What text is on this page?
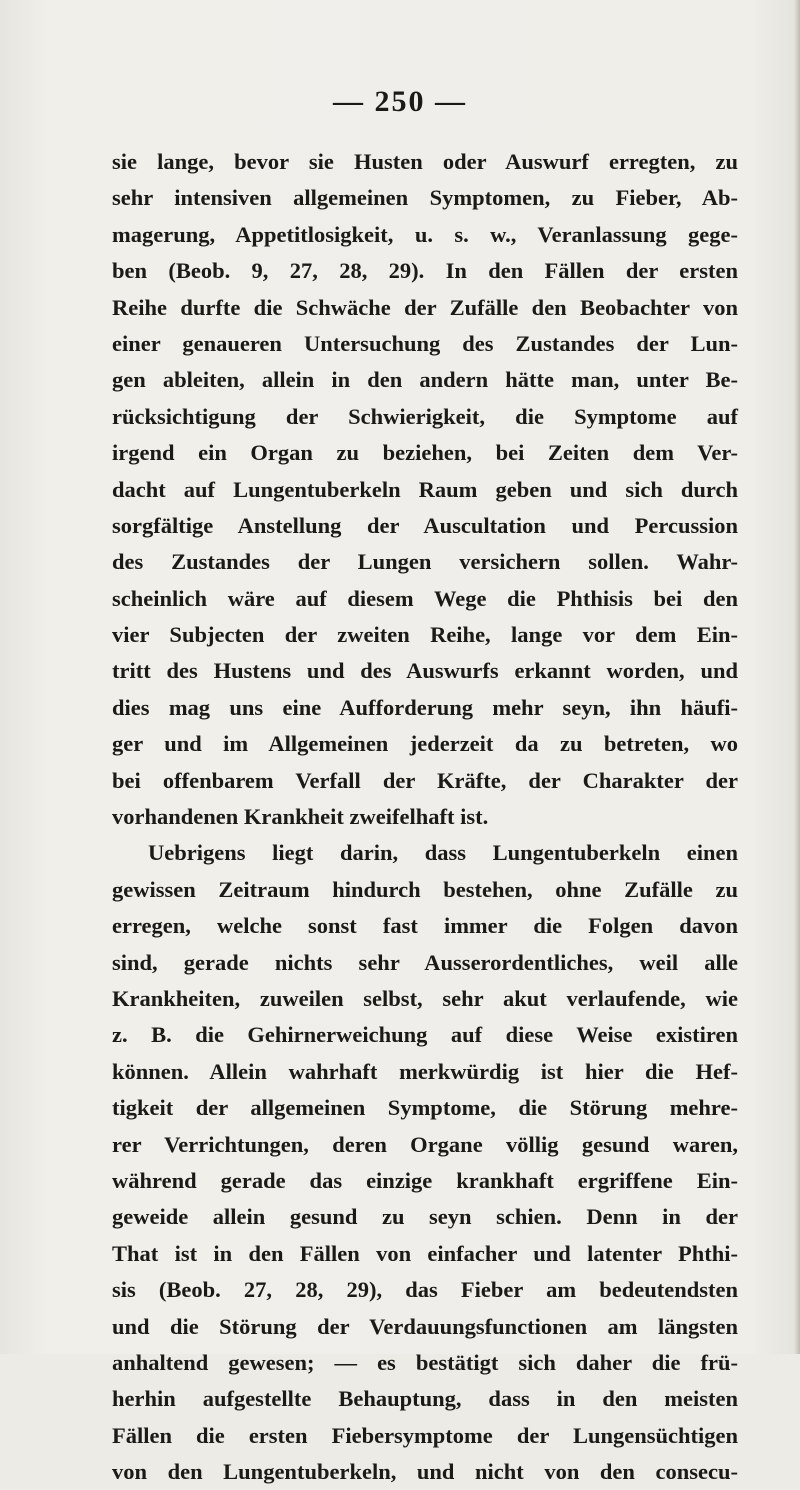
— 250 —
sie lange, bevor sie Husten oder Auswurf erregten, zu
sehr intensiven allgemeinen Symptomen, zu Fieber, Ab-
magerung, Appetitlosigkeit, u. s. w., Veranlassung gege-
ben (Beob. 9, 27, 28, 29). In den Fällen der ersten
Reihe durfte die Schwäche der Zufälle den Beobachter von
einer genaueren Untersuchung des Zustandes der Lun-
gen ableiten, allein in den andern hätte man, unter Be-
rücksichtigung der Schwierigkeit, die Symptome auf
irgend ein Organ zu beziehen, bei Zeiten dem Ver-
dacht auf Lungentuberkeln Raum geben und sich durch
sorgfältige Anstellung der Auscultation und Percussion
des Zustandes der Lungen versichern sollen. Wahr-
scheinlich wäre auf diesem Wege die Phthisis bei den
vier Subjecten der zweiten Reihe, lange vor dem Ein-
tritt des Hustens und des Auswurfs erkannt worden, und
dies mag uns eine Aufforderung mehr seyn, ihn häufi-
ger und im Allgemeinen jederzeit da zu betreten, wo
bei offenbarem Verfall der Kräfte, der Charakter der
vorhandenen Krankheit zweifelhaft ist.
Uebrigens liegt darin, dass Lungentuberkeln einen
gewissen Zeitraum hindurch bestehen, ohne Zufälle zu
erregen, welche sonst fast immer die Folgen davon
sind, gerade nichts sehr Ausserordentliches, weil alle
Krankheiten, zuweilen selbst, sehr akut verlaufende, wie
z. B. die Gehirnerweichung auf diese Weise existiren
können. Allein wahrhaft merkwürdig ist hier die Hef-
tigkeit der allgemeinen Symptome, die Störung mehre-
rer Verrichtungen, deren Organe völlig gesund waren,
während gerade das einzige krankhaft ergriffene Ein-
geweide allein gesund zu seyn schien. Denn in der
That ist in den Fällen von einfacher und latenter Phthi-
sis (Beob. 27, 28, 29), das Fieber am bedeutendsten
und die Störung der Verdauungsfunctionen am längsten
anhaltend gewesen; — es bestätigt sich daher die frü-
herhin aufgestellte Behauptung, dass in den meisten
Fällen die ersten Fiebersymptome der Lungensüchtigen
von den Lungentuberkeln, und nicht von den consecu-
